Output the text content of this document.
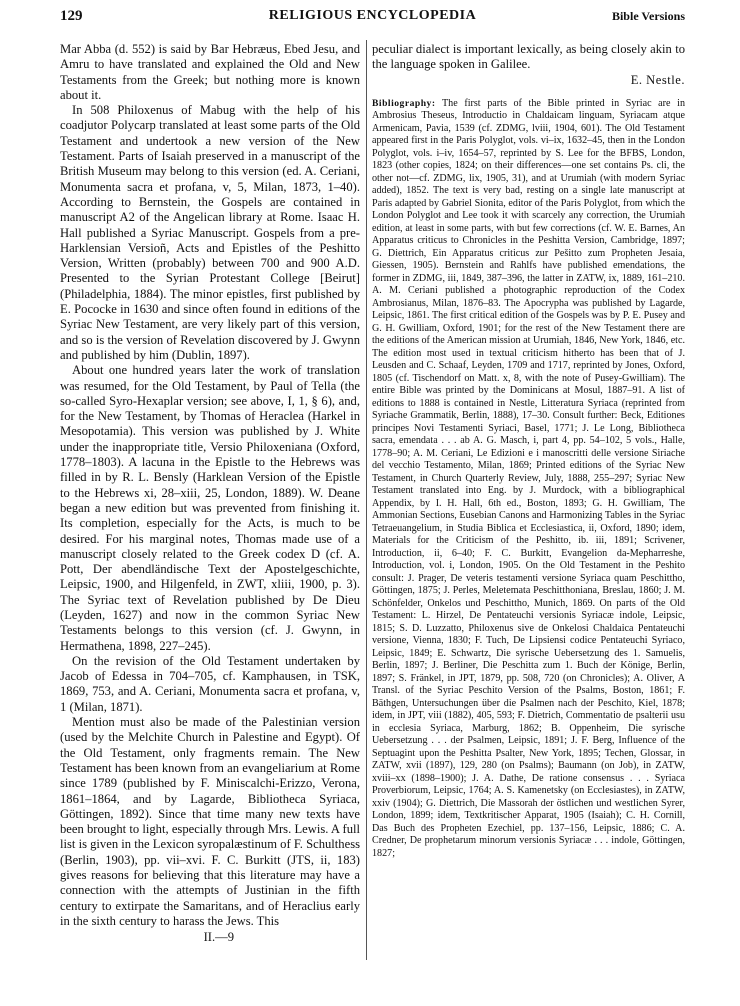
129	RELIGIOUS ENCYCLOPEDIA	Bible Versions

Mar Abba (d. 552) is said by Bar Hebræus, Ebed Jesu, and Amru to have translated and explained the Old and New Testaments from the Greek; but nothing more is known about it.

In 508 Philoxenus of Mabug with the help of his coadjutor Polycarp translated at least some parts of the Old Testament and undertook a new version of the New Testament. Parts of Isaiah preserved in a manuscript of the British Museum may belong to this version (ed. A. Ceriani, Monumenta sacra et profana, v, 5, Milan, 1873, 1–40). According to Bernstein, the Gospels are contained in manuscript A2 of the Angelican library at Rome. Isaac H. Hall published a Syriac Manuscript. Gospels from a pre-Harklensian Versioñ, Acts and Epistles of the Peshitto Version, Written (probably) between 700 and 900 A.D. Presented to the Syrian Protestant College [Beirut] (Philadelphia, 1884). The minor epistles, first published by E. Pococke in 1630 and since often found in editions of the Syriac New Testament, are very likely part of this version, and so is the version of Revelation discovered by J. Gwynn and published by him (Dublin, 1897).

About one hundred years later the work of translation was resumed, for the Old Testament, by Paul of Tella (the so-called Syro-Hexaplar version; see above, I, 1, § 6), and, for the New Testament, by Thomas of Heraclea (Harkel in Mesopotamia). This version was published by J. White under the inappropriate title, Versio Philoxeniana (Oxford, 1778–1803). A lacuna in the Epistle to the Hebrews was filled in by R. L. Bensly (Harklean Version of the Epistle to the Hebrews xi, 28–xiii, 25, London, 1889). W. Deane began a new edition but was prevented from finishing it. Its completion, especially for the Acts, is much to be desired. For his marginal notes, Thomas made use of a manuscript closely related to the Greek codex D (cf. A. Pott, Der abendländische Text der Apostelgeschichte, Leipsic, 1900, and Hilgenfeld, in ZWT, xliii, 1900, p. 3). The Syriac text of Revelation published by De Dieu (Leyden, 1627) and now in the common Syriac New Testaments belongs to this version (cf. J. Gwynn, in Hermathena, 1898, 227–245).

On the revision of the Old Testament undertaken by Jacob of Edessa in 704–705, cf. Kamphausen, in TSK, 1869, 753, and A. Ceriani, Monumenta sacra et profana, v, 1 (Milan, 1871).

Mention must also be made of the Palestinian version (used by the Melchite Church in Palestine and Egypt). Of the Old Testament, only fragments remain. The New Testament has been known from an evangeliarium at Rome since 1789 (published by F. Miniscalchi-Erizzo, Verona, 1861–1864, and by Lagarde, Bibliotheca Syriaca, Göttingen, 1892). Since that time many new texts have been brought to light, especially through Mrs. Lewis. A full list is given in the Lexicon syropalæstinum of F. Schulthess (Berlin, 1903), pp. vii–xvi. F. C. Burkitt (JTS, ii, 183) gives reasons for believing that this literature may have a connection with the attempts of Justinian in the fifth century to extirpate the Samaritans, and of Heraclius early in the sixth century to harass the Jews. This

II.—9

peculiar dialect is important lexically, as being closely akin to the language spoken in Galilee.

E. Nestle.

Bibliography: The first parts of the Bible printed in Syriac are in Ambrosius Theseus, Introductio in Chaldaicam linguam, Syriacam atque Armenicam, Pavia, 1539 (cf. ZDMG, lviii, 1904, 601). The Old Testament appeared first in the Paris Polyglot, vols. vi–ix, 1632–45, then in the London Polyglot, vols. i–iv, 1654–57, reprinted by S. Lee for the BFBS, London, 1823 (other copies, 1824; on their differences—one set contains Ps. cli, the other not—cf. ZDMG, lix, 1905, 31), and at Urumiah (with modern Syriac added), 1852. The text is very bad, resting on a single late manuscript at Paris adapted by Gabriel Sionita, editor of the Paris Polyglot, from which the London Polyglot and Lee took it with scarcely any correction, the Urumiah edition, at least in some parts, with but few corrections (cf. W. E. Barnes, An Apparatus criticus to Chronicles in the Peshitta Version, Cambridge, 1897; G. Diettrich, Ein Apparatus criticus zur Pešitto zum Propheten Jesaia, Giessen, 1905). Bernstein and Rahlfs have published emendations, the former in ZDMG, iii, 1849, 387–396, the latter in ZATW, ix, 1889, 161–210. A. M. Ceriani published a photographic reproduction of the Codex Ambrosianus, Milan, 1876–83. The Apocrypha was published by Lagarde, Leipsic, 1861. The first critical edition of the Gospels was by P. E. Pusey and G. H. Gwilliam, Oxford, 1901; for the rest of the New Testament there are the editions of the American mission at Urumiah, 1846, New York, 1846, etc. The edition most used in textual criticism hitherto has been that of J. Leusden and C. Schaaf, Leyden, 1709 and 1717, reprinted by Jones, Oxford, 1805 (cf. Tischendorf on Matt. x, 8, with the note of Pusey-Gwilliam). The entire Bible was printed by the Dominicans at Mosul, 1887–91. A list of editions to 1888 is contained in Nestle, Litteratura Syriaca (reprinted from Syriache Grammatik, Berlin, 1888), 17–30. Consult further: Beck, Editiones principes Novi Testamenti Syriaci, Basel, 1771; J. Le Long, Bibliotheca sacra, emendata . . . ab A. G. Masch, i, part 4, pp. 54–102, 5 vols., Halle, 1778–90; A. M. Ceriani, Le Edizioni e i manoscritti delle versione Siriache del vecchio Testamento, Milan, 1869; Printed editions of the Syriac New Testament, in Church Quarterly Review, July, 1888, 255–297; Syriac New Testament translated into Eng. by J. Murdock, with a bibliographical Appendix, by I. H. Hall, 6th ed., Boston, 1893; G. H. Gwilliam, The Ammonian Sections, Eusebian Canons and Harmonizing Tables in the Syriac Tetraeuangelium, in Studia Biblica et Ecclesiastica, ii, Oxford, 1890; idem, Materials for the Criticism of the Peshitto, ib. iii, 1891; Scrivener, Introduction, ii, 6–40; F. C. Burkitt, Evangelion da-Mepharreshe, Introduction, vol. i, London, 1905. On the Old Testament in the Peshito consult: J. Prager, De veteris testamenti versione Syriaca quam Peschittho, Göttingen, 1875; J. Perles, Meletemata Peschitthoniana, Breslau, 1860; J. M. Schönfelder, Onkelos und Peschittho, Munich, 1869. On parts of the Old Testament: L. Hirzel, De Pentateuchi versionis Syriacæ indole, Leipsic, 1815; S. D. Luzzatto, Philoxenus sive de Onkelosi Chaldaica Pentateuchi versione, Vienna, 1830; F. Tuch, De Lipsiensi codice Pentateuchi Syriaco, Leipsic, 1849; E. Schwartz, Die syrische Uebersetzung des 1. Samuelis, Berlin, 1897; J. Berliner, Die Peschitta zum 1. Buch der Könige, Berlin, 1897; S. Fränkel, in JPT, 1879, pp. 508, 720 (on Chronicles); A. Oliver, A Transl. of the Syriac Peschito Version of the Psalms, Boston, 1861; F. Bäthgen, Untersuchungen über die Psalmen nach der Peschito, Kiel, 1878; idem, in JPT, viii (1882), 405, 593; F. Dietrich, Commentatio de psalterii usu in ecclesia Syriaca, Marburg, 1862; B. Oppenheim, Die syrische Uebersetzung . . . der Psalmen, Leipsic, 1891; J. F. Berg, Influence of the Septuagint upon the Peshitta Psalter, New York, 1895; Techen, Glossar, in ZATW, xvii (1897), 129, 280 (on Psalms); Baumann (on Job), in ZATW, xviii–xx (1898–1900); J. A. Dathe, De ratione consensus . . . Syriaca Proverbiorum, Leipsic, 1764; A. S. Kamenetsky (on Ecclesiastes), in ZATW, xxiv (1904); G. Diettrich, Die Massorah der östlichen und westlichen Syrer, London, 1899; idem, Textkritischer Apparat, 1905 (Isaiah); C. H. Cornill, Das Buch des Propheten Ezechiel, pp. 137–156, Leipsic, 1886; C. A. Credner, De prophetarum minorum versionis Syriacæ . . . indole, Göttingen, 1827;
